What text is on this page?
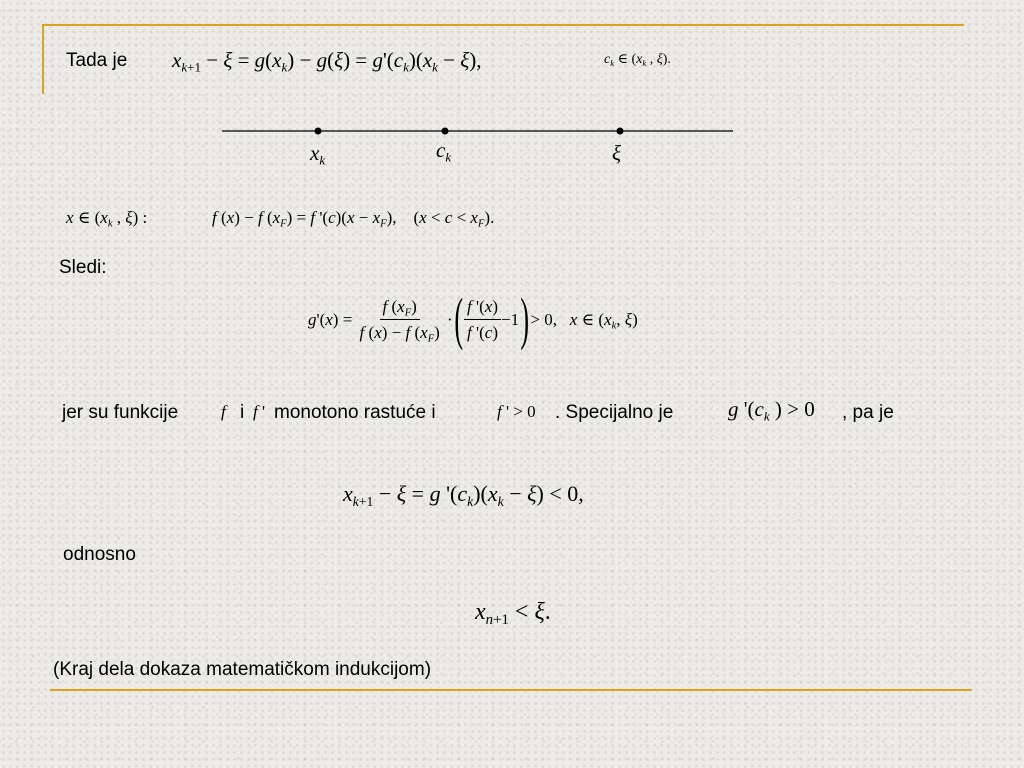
Tada je $x_{k+1} - \xi = g(x_k) - g(\xi) = g'(c_k)(x_k - \xi)$,	$c_k$ ∈ ($x_k$ , ξ).
$x_k$	$c_k$	ξ
x ∈ ($x_k$ , ξ) :	f (x) − f $(x_F) = f$ '$(c)(x - x_F)$,    $(x < c < x_F)$.
Sledi:
$g'(x) = \frac{f (x_F)}{f (x) - f (x_F)}$ · ( $\frac{f '(x)}{f '(c)} -1$ ) > 0, x ∈ ($x_k$, ξ)
jer su funkcije	f i f ' monotono rastuće i	f ' > 0 . Specijalno je	g '($c_k$ ) > 0 , pa je
$x_{k+1} - \xi = g$ '$(c_k)(x_k - \xi) < 0$,
odnosno
$x_{n+1} < \xi$.
(Kraj dela dokaza matematičkom indukcijom)
